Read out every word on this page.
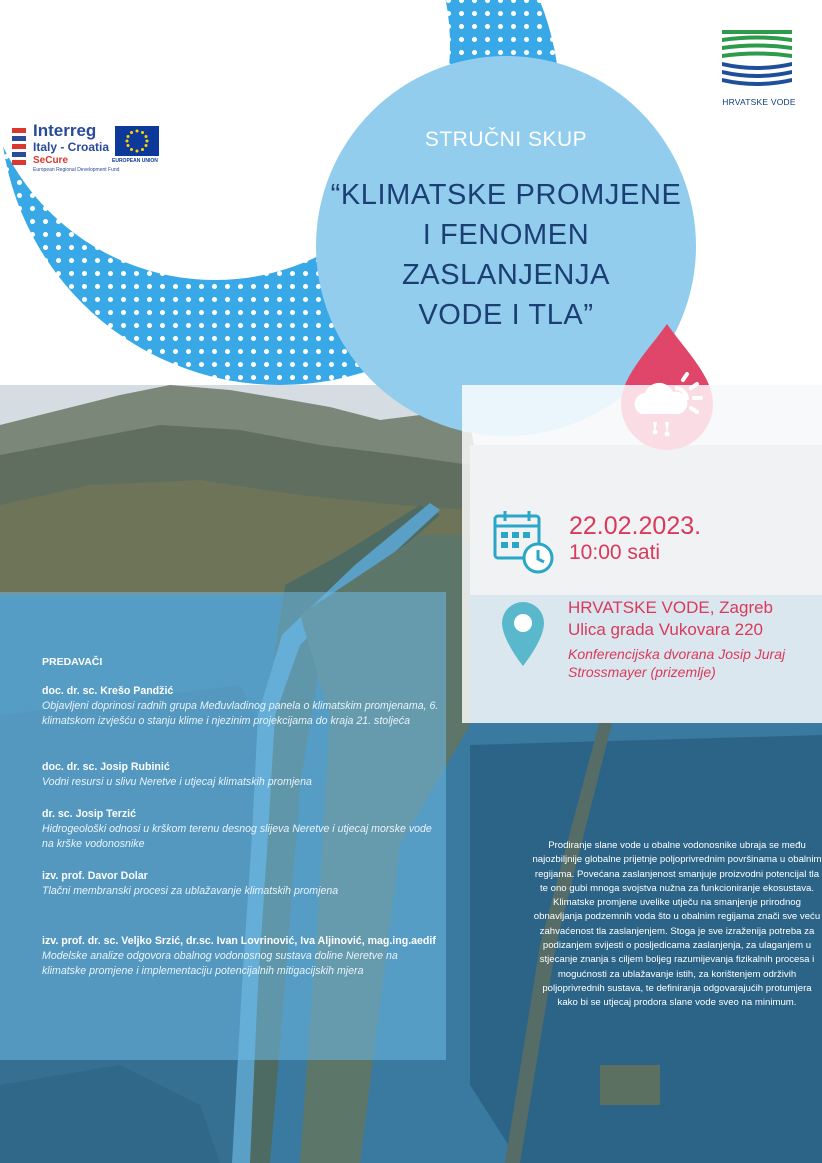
Interreg
Italy - Croatia
SeCure
European Regional Development Fund
EUROPEAN UNION
HRVATSKE VODE
STRUČNI SKUP
“KLIMATSKE PROMJENE
I FENOMEN ZASLANJENJA
VODE I TLA”
22.02.2023.
10:00 sati
HRVATSKE VODE, Zagreb
Ulica grada Vukovara 220
Konferencijska dvorana Josip Juraj Strossmayer (prizemlje)
PREDAVAČI
doc. dr. sc. Krešo Pandžić
Objavljeni doprinosi radnih grupa Međuvladinog panela o klimatskim promjenama, 6. klimatskom izvješću o stanju klime i njezinim projekcijama do kraja 21. stoljeća
doc. dr. sc. Josip Rubinić
Vodni resursi u slivu Neretve i utjecaj klimatskih promjena
dr. sc. Josip Terzić
Hidrogeološki odnosi u krškom terenu desnog slijeva Neretve i utjecaj morske vode na krške vodonosnike
izv. prof. Davor Dolar
Tlačni membranski procesi za ublažavanje klimatskih promjena
izv. prof. dr. sc. Veljko Srzić, dr.sc. Ivan Lovrinović, Iva Aljinović, mag.ing.aedif
Modelske analize odgovora obalnog vodonosnog sustava doline Neretve na klimatske promjene i implementaciju potencijalnih mitigacijskih mjera
Prodiranje slane vode u obalne vodonosnike ubraja se među najozbiljnije globalne prijetnje poljoprivrednim površinama u obalnim regijama. Povećana zaslanjenost smanjuje proizvodni potencijal tla te ono gubi mnoga svojstva nužna za funkcioniranje ekosustava. Klimatske promjene uvelike utječu na smanjenje prirodnog obnavljanja podzemnih voda što u obalnim regijama znači sve veću zahvaćenost tla zaslanjenjem. Stoga je sve izraženija potreba za podizanjem svijesti o posljedicama zaslanjenja, za ulaganjem u stjecanje znanja s ciljem boljeg razumijevanja fizikalnih procesa i mogućnosti za ublažavanje istih, za korištenjem održivih poljoprivrednih sustava, te definiranja odgovarajućih protumjera kako bi se utjecaj prodora slane vode sveo na minimum.
